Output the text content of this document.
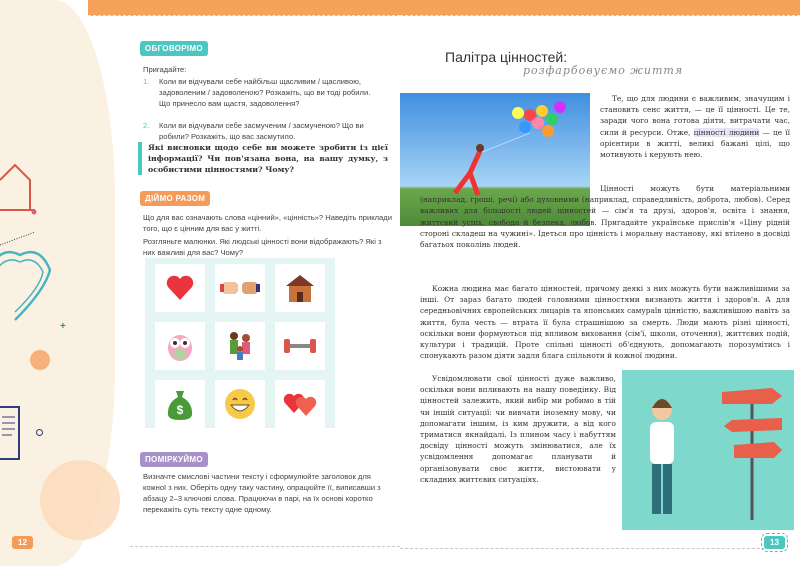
+
ОБГОВОРІМО
Пригадайте:
1.	Коли ви відчували себе найбільш щасливим / щасливою, задоволеним / задоволеною? Розкажіть, що ви тоді робили. Що принесло вам щастя, задоволення?
2.	Коли ви відчували себе засмученим / засмученою? Що ви робили? Розкажіть, що вас засмутило.
Які висновки щодо себе ви можете зробити із цієї інформації? Чи пов'язана вона, на вашу думку, з особистими цінностями? Чому?
ДІЙМО РАЗОМ
Що для вас означають слова «цінний», «цінність»? Наведіть приклади того, що є цінним для вас у житті.
Розгляньте малюнки. Які людські цінності вони відображають? Які з них важливі для вас? Чому?
$
ПОМІРКУЙМО
Визначте смислові частини тексту і сформулюйте заголовок для кожної з них. Оберіть одну таку частину, опрацюйте її, виписавши з абзацу 2–3 ключові слова. Працюючи в парі, на їх основі коротко перекажіть суть тексту одне одному.
12
Палітра цінностей:
розфарбовуємо життя
Те, що для людини є важливим, значущим і становить сенс життя, — це її цінності. Це те, заради чого вона готова діяти, витрачати час, сили й ресурси. Отже, цінності людини — це її орієнтири в житті, великі бажані цілі, що мотивують і керують нею.
Цінності можуть бути матеріальними (наприклад, гроші, речі) або духовними (наприклад, справедливість, доброта, любов). Серед важливих для більшості людей цінностей — сім'я та друзі, здоров'я, освіта і знання, життєвий успіх, свобода й безпека, любов. Пригадайте українське прислів'я «Ціну рідній стороні складеш на чужині». Ідеться про цінність і моральну настанову, які втілено в досвіді багатьох поколінь людей.
Кожна людина має багато цінностей, причому деякі з них можуть бути важливішими за інші. От зараз багато людей головними цінностями визнають життя і здоров'я. А для середньовічних європейських лицарів та японських самураїв цінністю, важливішою навіть за життя, була честь — втрата її була страшнішою за смерть. Люди мають різні цінності, оскільки вони формуються під впливом виховання (сім'ї, школи, оточення), життєвих подій, культури і традицій. Проте спільні цінності об'єднують, допомагають порозумітись і спонукають разом діяти задля блага спільноти й кожної людини.
Усвідомлювати свої цінності дуже важливо, оскільки вони впливають на нашу поведінку. Від цінностей залежить, який вибір ми робимо в тій чи іншій ситуації: чи вивчати іноземну мову, чи допомагати іншим, із ким дружити, а від кого триматися якнайдалі. Із плином часу і набуттям досвіду цінності можуть змінюватися, але їх усвідомлення допомагає планувати й організовувати своє життя, вистоювати у складних життєвих ситуаціях.
13
